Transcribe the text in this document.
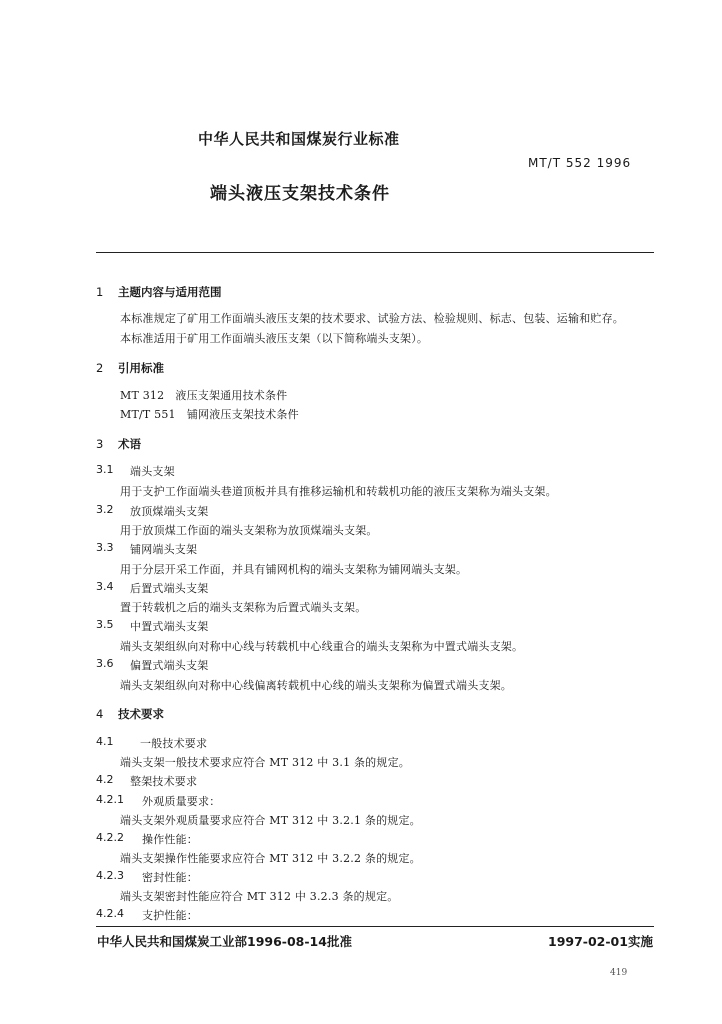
中华人民共和国煤炭行业标准
MT/T 552 1996
端头液压支架技术条件
1 主题内容与适用范围
本标准规定了矿用工作面端头液压支架的技术要求、试验方法、检验规则、标志、包装、运输和贮存。
本标准适用于矿用工作面端头液压支架（以下简称端头支架）。
2 引用标准
MT 312   液压支架通用技术条件
MT/T 551   铺网液压支架技术条件
3 术语
3.1 端头支架
用于支护工作面端头巷道顶板并具有推移运输机和转载机功能的液压支架称为端头支架。
3.2 放顶煤端头支架
用于放顶煤工作面的端头支架称为放顶煤端头支架。
3.3 铺网端头支架
用于分层开采工作面，并具有铺网机构的端头支架称为铺网端头支架。
3.4 后置式端头支架
置于转载机之后的端头支架称为后置式端头支架。
3.5 中置式端头支架
端头支架组纵向对称中心线与转载机中心线重合的端头支架称为中置式端头支架。
3.6 偏置式端头支架
端头支架组纵向对称中心线偏离转载机中心线的端头支架称为偏置式端头支架。
4 技术要求
4.1 一般技术要求
端头支架一般技术要求应符合 MT 312 中 3.1 条的规定。
4.2 整架技术要求
4.2.1 外观质量要求：
端头支架外观质量要求应符合 MT 312 中 3.2.1 条的规定。
4.2.2 操作性能：
端头支架操作性能要求应符合 MT 312 中 3.2.2 条的规定。
4.2.3 密封性能：
端头支架密封性能应符合 MT 312 中 3.2.3 条的规定。
4.2.4 支护性能：
中华人民共和国煤炭工业部1996-08-14批准	1997-02-01实施
419
